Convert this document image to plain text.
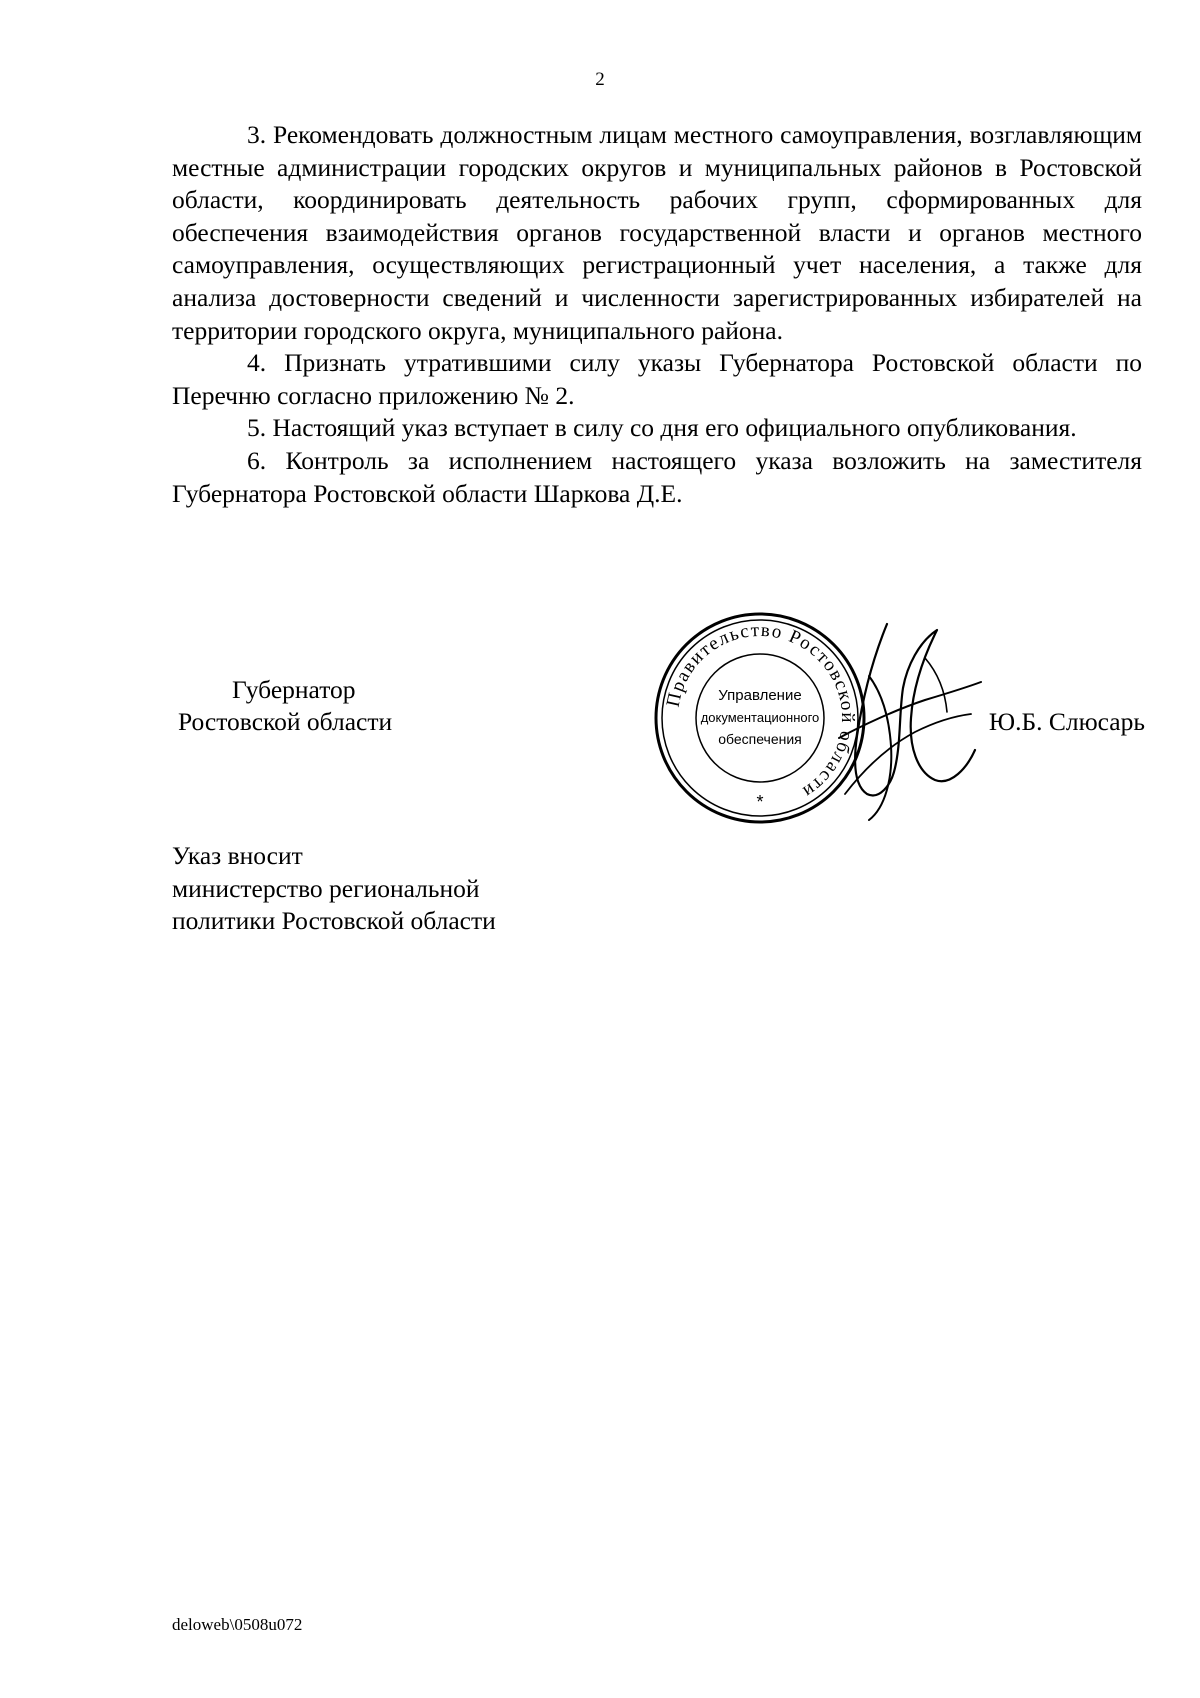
2

3. Рекомендовать должностным лицам местного самоуправления, возглавляющим местные администрации городских округов и муниципальных районов в Ростовской области, координировать деятельность рабочих групп, сформированных для обеспечения взаимодействия органов государственной власти и органов местного самоуправления, осуществляющих регистрационный учет населения, а также для анализа достоверности сведений и численности зарегистрированных избирателей на территории городского округа, муниципального района.

4. Признать утратившими силу указы Губернатора Ростовской области по Перечню согласно приложению № 2.

5. Настоящий указ вступает в силу со дня его официального опубликования.

6. Контроль за исполнением настоящего указа возложить на заместителя Губернатора Ростовской области Шаркова Д.Е.

Губернатор
Ростовской области
Правительство Ростовской области
Управление
документационного
обеспечения
*
Ю.Б. Слюсарь
Указ вносит
министерство региональной
политики Ростовской области
deloweb\0508u072
